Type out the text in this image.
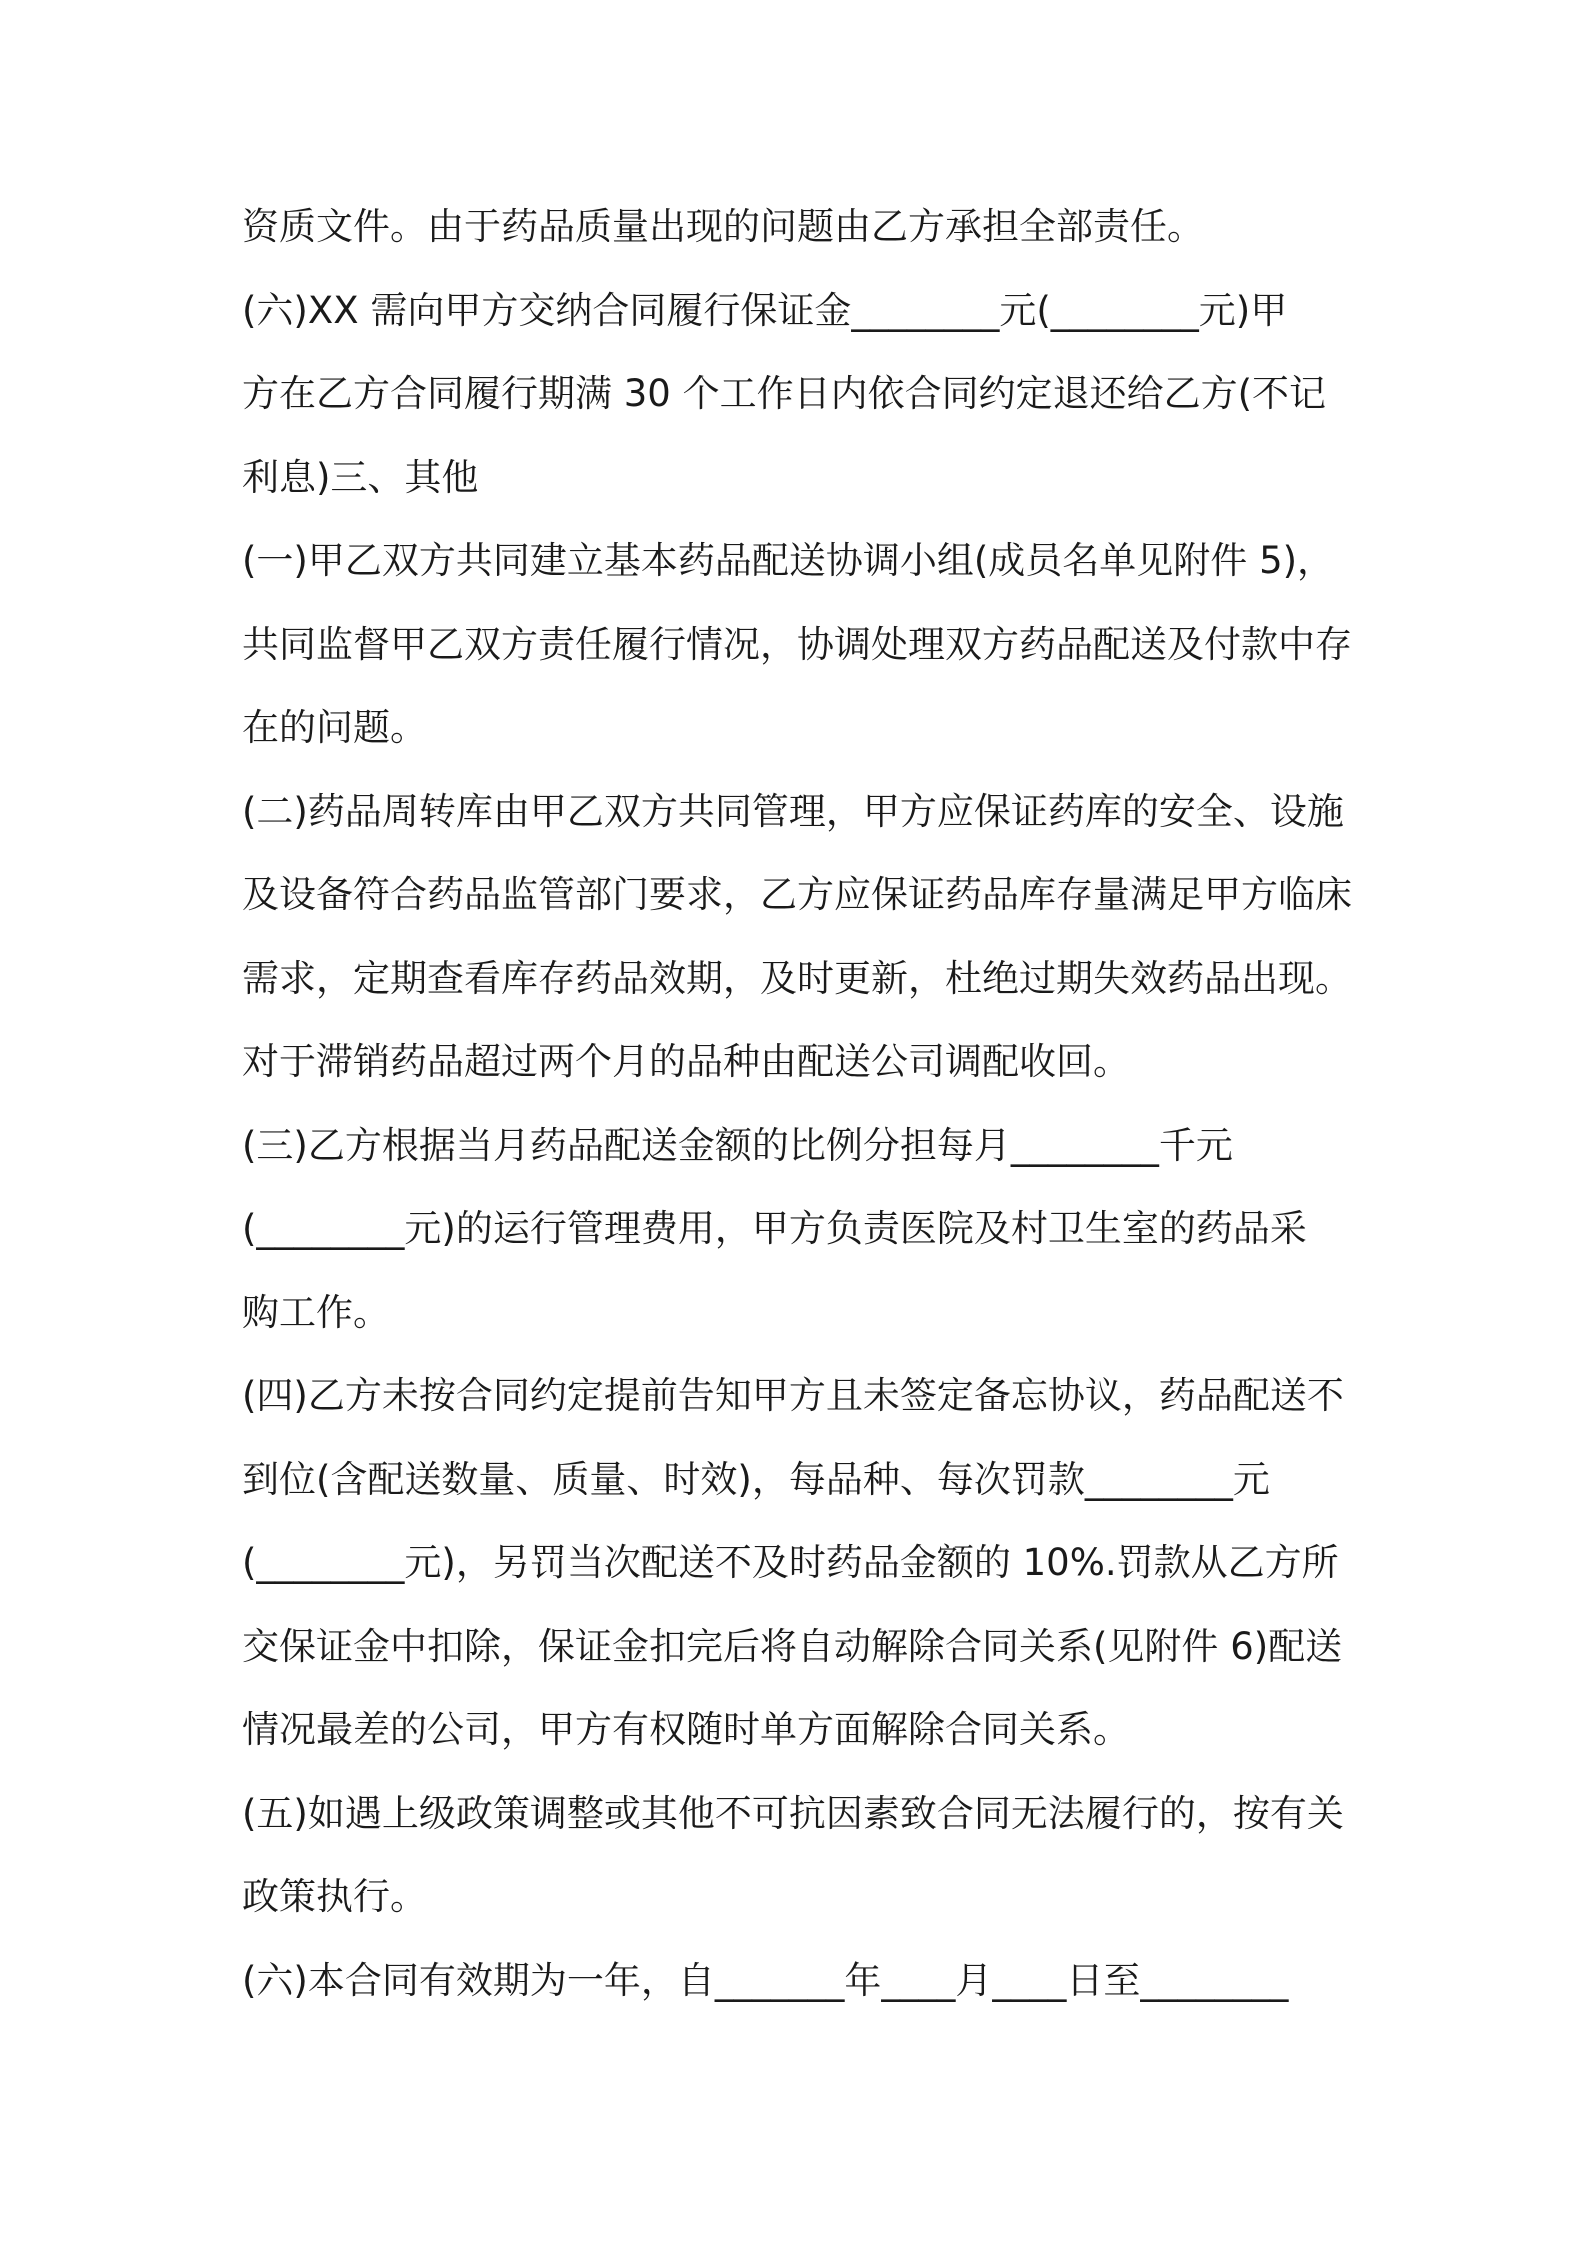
资质文件。由于药品质量出现的问题由乙方承担全部责任。
(六)XX 需向甲方交纳合同履行保证金________元(________元)甲
方在乙方合同履行期满 30 个工作日内依合同约定退还给乙方(不记
利息)三、其他
(一)甲乙双方共同建立基本药品配送协调小组(成员名单见附件 5)，
共同监督甲乙双方责任履行情况，协调处理双方药品配送及付款中存
在的问题。
(二)药品周转库由甲乙双方共同管理，甲方应保证药库的安全、设施
及设备符合药品监管部门要求，乙方应保证药品库存量满足甲方临床
需求，定期查看库存药品效期，及时更新，杜绝过期失效药品出现。
对于滞销药品超过两个月的品种由配送公司调配收回。
(三)乙方根据当月药品配送金额的比例分担每月________千元
(________元)的运行管理费用，甲方负责医院及村卫生室的药品采
购工作。
(四)乙方未按合同约定提前告知甲方且未签定备忘协议，药品配送不
到位(含配送数量、质量、时效)，每品种、每次罚款________元
(________元)，另罚当次配送不及时药品金额的 10%.罚款从乙方所
交保证金中扣除，保证金扣完后将自动解除合同关系(见附件 6)配送
情况最差的公司，甲方有权随时单方面解除合同关系。
(五)如遇上级政策调整或其他不可抗因素致合同无法履行的，按有关
政策执行。
(六)本合同有效期为一年，自_______年____月____日至________
